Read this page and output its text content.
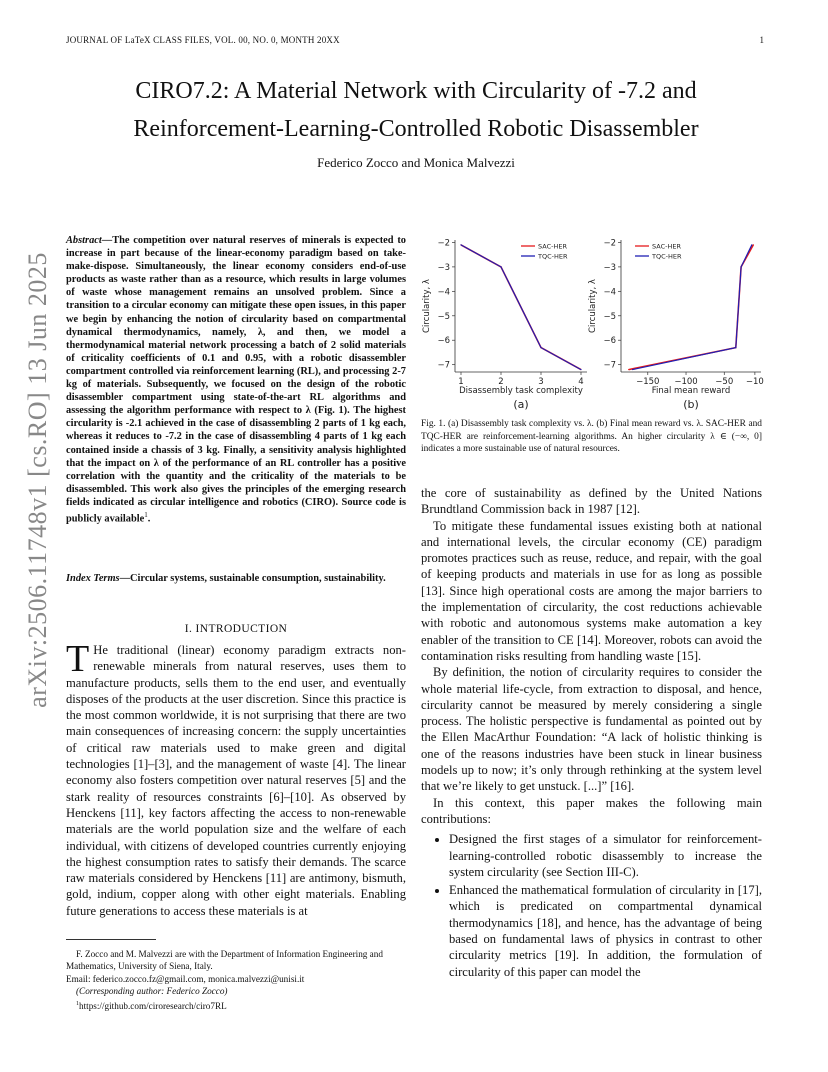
JOURNAL OF LaTeX CLASS FILES, VOL. 00, NO. 0, MONTH 20XX	1
arXiv:2506.11748v1 [cs.RO] 13 Jun 2025
CIRO7.2: A Material Network with Circularity of -7.2 and
Reinforcement-Learning-Controlled Robotic Disassembler
Federico Zocco and Monica Malvezzi
Abstract—The competition over natural reserves of minerals is expected to increase in part because of the linear-economy paradigm based on take-make-dispose. Simultaneously, the linear economy considers end-of-use products as waste rather than as a resource, which results in large volumes of waste whose management remains an unsolved problem. Since a transition to a circular economy can mitigate these open issues, in this paper we begin by enhancing the notion of circularity based on compartmental dynamical thermodynamics, namely, λ, and then, we model a thermodynamical material network processing a batch of 2 solid materials of criticality coefficients of 0.1 and 0.95, with a robotic disassembler compartment controlled via reinforcement learning (RL), and processing 2-7 kg of materials. Subsequently, we focused on the design of the robotic disassembler compartment using state-of-the-art RL algorithms and assessing the algorithm performance with respect to λ (Fig. 1). The highest circularity is -2.1 achieved in the case of disassembling 2 parts of 1 kg each, whereas it reduces to -7.2 in the case of disassembling 4 parts of 1 kg each contained inside a chassis of 3 kg. Finally, a sensitivity analysis highlighted that the impact on λ of the performance of an RL controller has a positive correlation with the quantity and the criticality of the materials to be disassembled. This work also gives the principles of the emerging research fields indicated as circular intelligence and robotics (CIRO). Source code is publicly available$^1$.
Index Terms—Circular systems, sustainable consumption, sustainability.
I. INTRODUCTION
T He traditional (linear) economy paradigm extracts non-renewable minerals from natural reserves, uses them to manufacture products, sells them to the end user, and eventually disposes of the products at the user discretion. Since this practice is the most common worldwide, it is not surprising that there are two main consequences of increasing concern: the supply uncertainties of critical raw materials used to make green and digital technologies [1]–[3], and the management of waste [4]. The linear economy also fosters competition over natural reserves [5] and the stark reality of resources constraints [6]–[10]. As observed by Henckens [11], key factors affecting the access to non-renewable materials are the world population size and the welfare of each individual, with citizens of developed countries currently enjoying the highest consumption rates to satisfy their demands. The scarce raw materials considered by Henckens [11] are antimony, bismuth, gold, indium, copper along with other eight materials. Enabling future generations to access these materials is at

F. Zocco and M. Malvezzi are with the Department of Information Engineering and Mathematics, University of Siena, Italy.

Email: federico.zocco.fz@gmail.com, monica.malvezzi@unisi.it

(Corresponding author: Federico Zocco)

$^1$https://github.com/ciroresearch/ciro7RL

−2
−3
−4
−5
−6
−7
1	2	3	4
Disassembly task complexity
Circularity, λ
(a)
SAC-HER
TQC-HER
−2
−3
−4
−5
−6
−7
−150 −100 −50 −10
Final mean reward
Circularity, λ
(b)
SAC-HER
TQC-HER
Fig. 1. (a) Disassembly task complexity vs. λ. (b) Final mean reward vs. λ. SAC-HER and TQC-HER are reinforcement-learning algorithms. An higher circularity λ ∈ (−∞, 0] indicates a more sustainable use of natural resources.

the core of sustainability as defined by the United Nations Brundtland Commission back in 1987 [12].

To mitigate these fundamental issues existing both at national and international levels, the circular economy (CE) paradigm promotes practices such as reuse, reduce, and repair, with the goal of keeping products and materials in use for as long as possible [13]. Since high operational costs are among the major barriers to the implementation of circularity, the cost reductions achievable with robotic and autonomous systems make automation a key enabler of the transition to CE [14]. Moreover, robots can avoid the contamination risks resulting from handling waste [15].

By definition, the notion of circularity requires to consider the whole material life-cycle, from extraction to disposal, and hence, circularity cannot be measured by merely considering a single process. The holistic perspective is fundamental as pointed out by the Ellen MacArthur Foundation: “A lack of holistic thinking is one of the reasons industries have been stuck in linear business models up to now; it’s only through rethinking at the system level that we’re likely to get unstuck. [...]” [16].

In this context, this paper makes the following main contributions:

• Designed the first stages of a simulator for reinforcement-learning-controlled robotic disassembly to increase the system circularity (see Section III-C).
• Enhanced the mathematical formulation of circularity in [17], which is predicated on compartmental dynamical thermodynamics [18], and hence, has the advantage of being based on fundamental laws of physics in contrast to other circularity metrics [19]. In addition, the formulation of circularity of this paper can model the
